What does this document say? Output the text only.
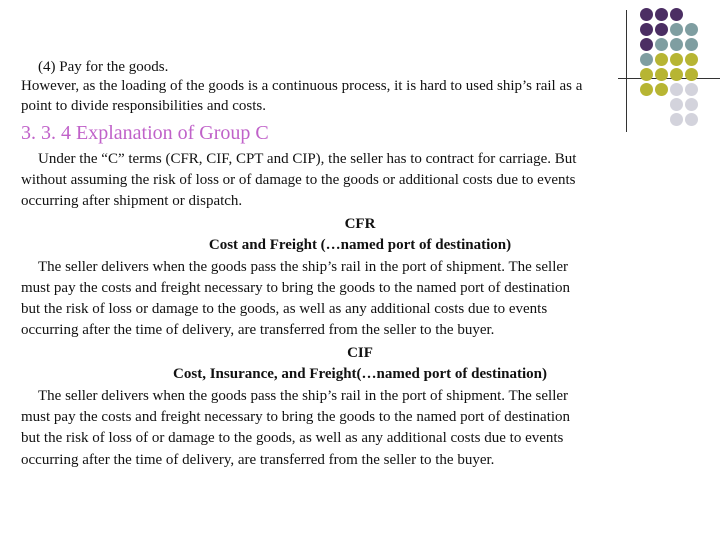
(4) Pay for the goods.
However, as the loading of the goods is a continuous process, it is hard to used ship’s rail as a
point to divide responsibilities and costs.
3. 3. 4 Explanation of Group C
Under the “C” terms (CFR, CIF, CPT and CIP), the seller has to contract for carriage. But
without assuming the risk of loss or of damage to the goods or additional costs due to events
occurring after shipment or dispatch.
CFR
Cost and Freight (…named port of destination)
The seller delivers when the goods pass the ship’s rail in the port of shipment. The seller
must pay the costs and freight necessary to bring the goods to the named port of destination
but the risk of loss or damage to the goods, as well as any additional costs due to events
occurring after the time of delivery, are transferred from the seller to the buyer.
CIF
Cost, Insurance, and Freight(…named port of destination)
The seller delivers when the goods pass the ship’s rail in the port of shipment. The seller
must pay the costs and freight necessary to bring the goods to the named port of destination
but the risk of loss of or damage to the goods, as well as any additional costs due to events
occurring after the time of delivery, are transferred from the seller to the buyer.
